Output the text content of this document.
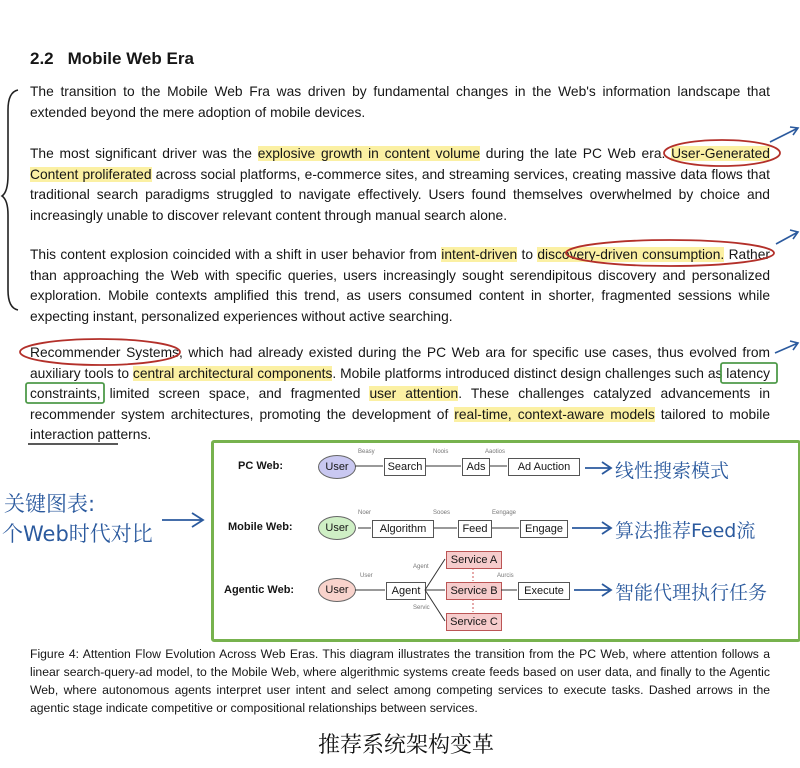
2.2 Mobile Web Era
The transition to the Mobile Web Fra was driven by fundamental changes in the Web's information landscape that extended beyond the mere adoption of mobile devices.
The most significant driver was the explosive growth in content volume during the late PC Web era. User-Generated Content proliferated across social platforms, e-commerce sites, and streaming services, creating massive data flows that traditional search paradigms struggled to navigate effectively. Users found themselves overwhelmed by choice and increasingly unable to discover relevant content through manual search alone.
This content explosion coincided with a shift in user behavior from intent-driven to discovery-driven consumption. Rather than approaching the Web with specific queries, users increasingly sought serendipitous discovery and personalized exploration. Mobile contexts amplified this trend, as users consumed content in shorter, fragmented sessions while expecting instant, personalized experiences without active searching.
Recommender Systems, which had already existed during the PC Web ara for specific use cases, thus evolved from auxiliary tools to central architectural components. Mobile platforms introduced distinct design challenges such as latency constraints, limited screen space, and fragmented user attention. These challenges catalyzed advancements in recommender system architectures, promoting the development of real-time, context-aware models tailored to mobile interaction patterns.
PC Web:	User	Search	Ads	Ad Auction
Beasy	Noois	Aaotios
Mobile Web:	User	Algorithm	Feed	Engage
Noer	Sooes	Eengage
Agentic Web:	User	Agent
Service A
Service B
Service C
Execute
User
Agent
Aurcis
Servic
线性搜索模式
算法推荐Feed流
智能代理执行任务
关键图表:
个Web时代对比
Figure 4: Attention Flow Evolution Across Web Eras. This diagram illustrates the transition from the PC Web, where attention follows a linear search-query-ad model, to the Mobile Web, where algerithmic systems create feeds based on user data, and finally to the Agentic Web, where autonomous agents interpret user intent and select among competing services to execute tasks. Dashed arrows in the agentic stage indicate competitive or compositional relationships between services.
推荐系统架构变革
